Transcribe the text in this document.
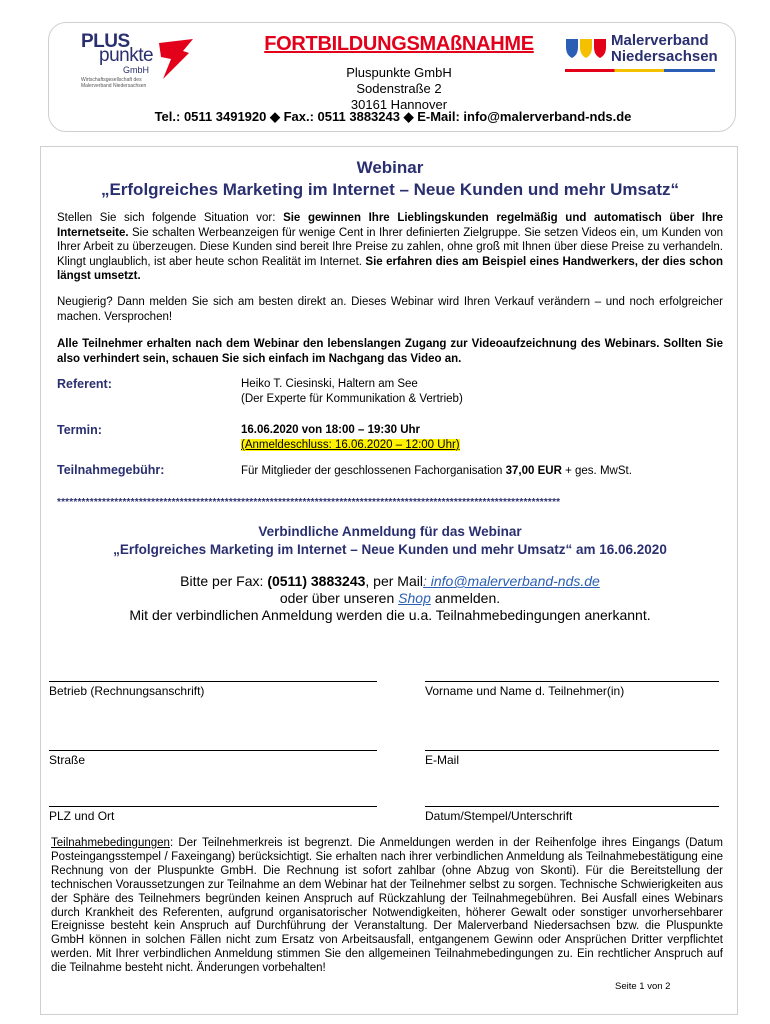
PLUS
punkte
GmbH
Wirtschaftsgesellschaft des Malerverband Niedersachsen
FORTBILDUNGSMAßNAHME
Pluspunkte GmbH
Sodenstraße 2
30161 Hannover
Tel.: 0511 3491920 ◆ Fax.: 0511 3883243 ◆ E-Mail: info@malerverband-nds.de
Malerverband
Niedersachsen
Webinar
„Erfolgreiches Marketing im Internet – Neue Kunden und mehr Umsatz“
Stellen Sie sich folgende Situation vor: Sie gewinnen Ihre Lieblingskunden regelmäßig und automatisch über Ihre Internetseite. Sie schalten Werbeanzeigen für wenige Cent in Ihrer definierten Zielgruppe. Sie setzen Videos ein, um Kunden von Ihrer Arbeit zu überzeugen. Diese Kunden sind bereit Ihre Preise zu zahlen, ohne groß mit Ihnen über diese Preise zu verhandeln. Klingt unglaublich, ist aber heute schon Realität im Internet. Sie erfahren dies am Beispiel eines Handwerkers, der dies schon längst umsetzt.
Neugierig? Dann melden Sie sich am besten direkt an. Dieses Webinar wird Ihren Verkauf verändern – und noch erfolgreicher machen. Versprochen!
Alle Teilnehmer erhalten nach dem Webinar den lebenslangen Zugang zur Videoaufzeichnung des Webinars. Sollten Sie also verhindert sein, schauen Sie sich einfach im Nachgang das Video an.
Referent:	Heiko T. Ciesinski, Haltern am See
(Der Experte für Kommunikation & Vertrieb)
Termin:	16.06.2020 von 18:00 – 19:30 Uhr
(Anmeldeschluss: 16.06.2020 – 12:00 Uhr)
Teilnahmegebühr:	Für Mitglieder der geschlossenen Fachorganisation 37,00 EUR + ges. MwSt.
***************************************************************************************************************************
Verbindliche Anmeldung für das Webinar
„Erfolgreiches Marketing im Internet – Neue Kunden und mehr Umsatz“ am 16.06.2020
Bitte per Fax: (0511) 3883243, per Mail: info@malerverband-nds.de
oder über unseren Shop anmelden.
Mit der verbindlichen Anmeldung werden die u.a. Teilnahmebedingungen anerkannt.
Betrieb (Rechnungsanschrift)	Vorname und Name d. Teilnehmer(in)
Straße	E-Mail
PLZ und Ort	Datum/Stempel/Unterschrift
Teilnahmebedingungen: Der Teilnehmerkreis ist begrenzt. Die Anmeldungen werden in der Reihenfolge ihres Eingangs (Datum Posteingangsstempel / Faxeingang) berücksichtigt. Sie erhalten nach ihrer verbindlichen Anmeldung als Teilnahmebestätigung eine Rechnung von der Pluspunkte GmbH. Die Rechnung ist sofort zahlbar (ohne Abzug von Skonti). Für die Bereitstellung der technischen Voraussetzungen zur Teilnahme an dem Webinar hat der Teilnehmer selbst zu sorgen. Technische Schwierigkeiten aus der Sphäre des Teilnehmers begründen keinen Anspruch auf Rückzahlung der Teilnahmegebühren. Bei Ausfall eines Webinars durch Krankheit des Referenten, aufgrund organisatorischer Notwendigkeiten, höherer Gewalt oder sonstiger unvorhersehbarer Ereignisse besteht kein Anspruch auf Durchführung der Veranstaltung. Der Malerverband Niedersachsen bzw. die Pluspunkte GmbH können in solchen Fällen nicht zum Ersatz von Arbeitsausfall, entgangenem Gewinn oder Ansprüchen Dritter verpflichtet werden. Mit Ihrer verbindlichen Anmeldung stimmen Sie den allgemeinen Teilnahmebedingungen zu. Ein rechtlicher Anspruch auf die Teilnahme besteht nicht. Änderungen vorbehalten!
Seite 1 von 2
